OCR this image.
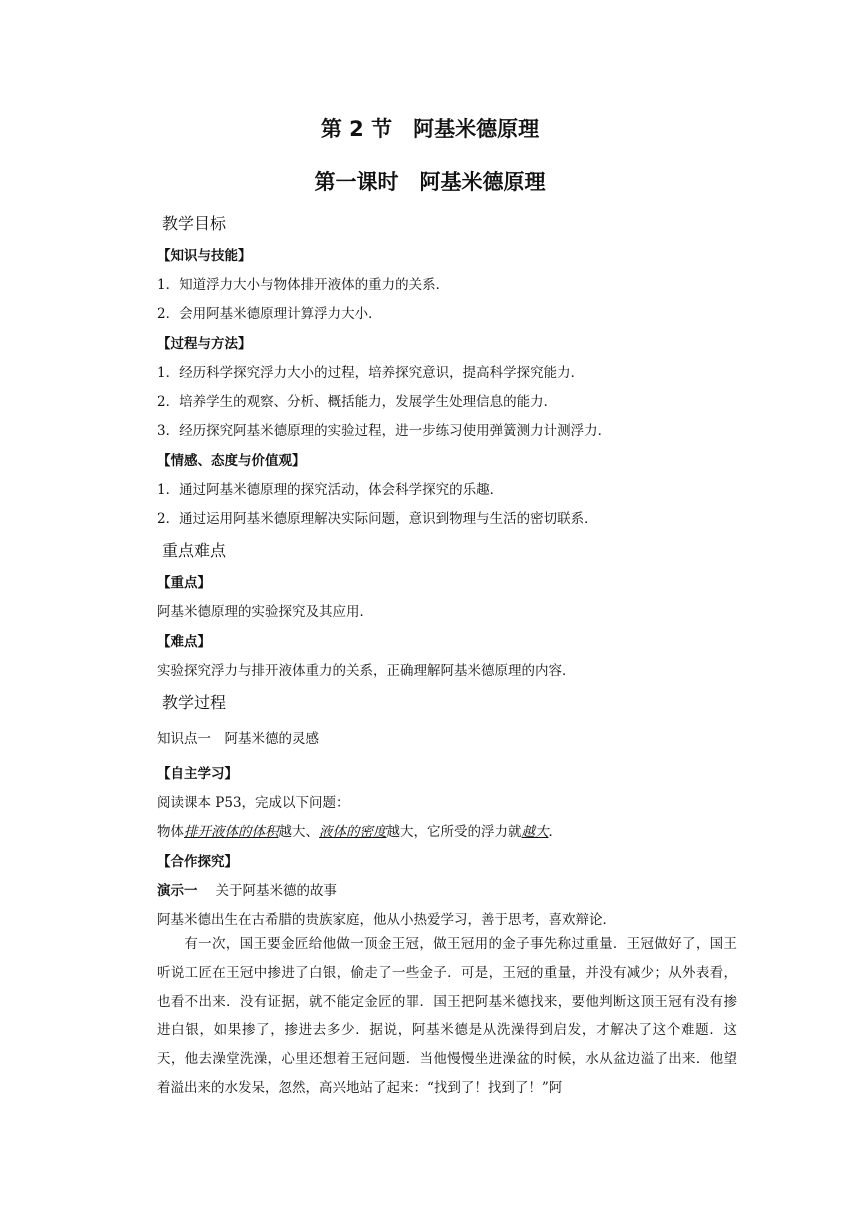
第 2 节　阿基米德原理
第一课时　阿基米德原理
教学目标
【知识与技能】
1．知道浮力大小与物体排开液体的重力的关系．
2．会用阿基米德原理计算浮力大小．
【过程与方法】
1．经历科学探究浮力大小的过程，培养探究意识，提高科学探究能力．
2．培养学生的观察、分析、概括能力，发展学生处理信息的能力．
3．经历探究阿基米德原理的实验过程，进一步练习使用弹簧测力计测浮力．
【情感、态度与价值观】
1．通过阿基米德原理的探究活动，体会科学探究的乐趣．
2．通过运用阿基米德原理解决实际问题，意识到物理与生活的密切联系．
重点难点
【重点】
阿基米德原理的实验探究及其应用．
【难点】
实验探究浮力与排开液体重力的关系，正确理解阿基米德原理的内容．
教学过程
知识点一　阿基米德的灵感
【自主学习】
阅读课本 P53，完成以下问题：
物体排开液体的体积越大、液体的密度越大，它所受的浮力就越大．
【合作探究】
演示一 关于阿基米德的故事
阿基米德出生在古希腊的贵族家庭，他从小热爱学习，善于思考，喜欢辩论．
有一次，国王要金匠给他做一顶金王冠，做王冠用的金子事先称过重量．王冠做好了，国王听说工匠在王冠中掺进了白银，偷走了一些金子．可是，王冠的重量，并没有减少；从外表看，也看不出来．没有证据，就不能定金匠的罪．国王把阿基米德找来，要他判断这顶王冠有没有掺进白银，如果掺了，掺进去多少．据说，阿基米德是从洗澡得到启发，才解决了这个难题．这天，他去澡堂洗澡，心里还想着王冠问题．当他慢慢坐进澡盆的时候，水从盆边溢了出来．他望着溢出来的水发呆，忽然，高兴地站了起来：“找到了！找到了！”阿
